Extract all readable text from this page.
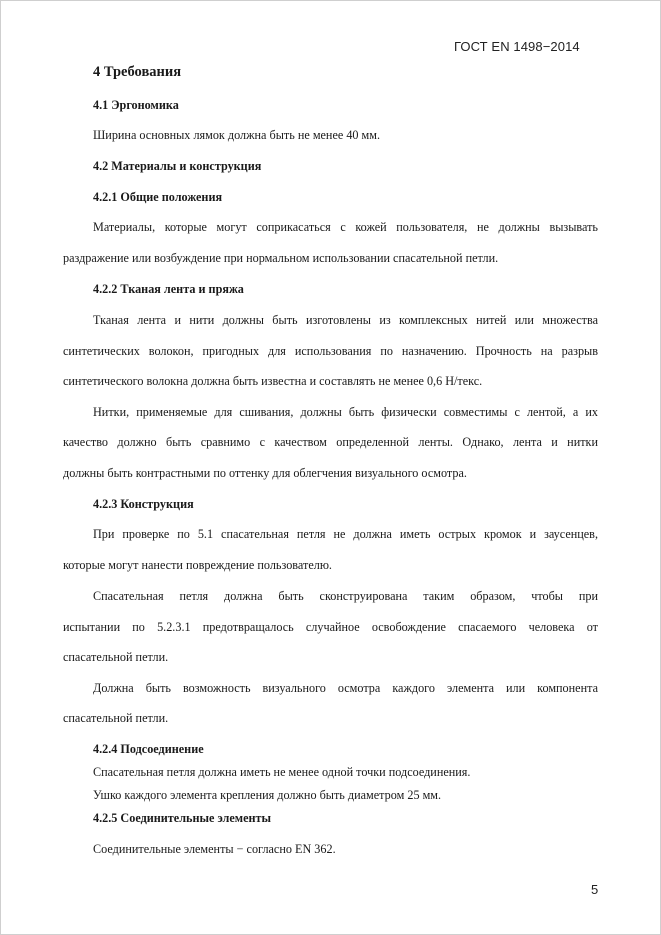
ГОСТ EN 1498−2014
4 Требования
4.1 Эргономика
Ширина основных лямок должна быть не менее 40 мм.
4.2 Материалы и конструкция
4.2.1 Общие положения
Материалы, которые могут соприкасаться с кожей пользователя, не должны вызывать
раздражение или возбуждение при нормальном использовании спасательной петли.
4.2.2 Тканая лента и пряжа
Тканая лента и нити должны быть изготовлены из комплексных нитей или множества
синтетических волокон, пригодных для использования по назначению. Прочность на разрыв
синтетического волокна должна быть известна и составлять не менее 0,6 Н/текс.
Нитки, применяемые для сшивания, должны быть физически совместимы с лентой, а их
качество должно быть сравнимо с качеством определенной ленты. Однако, лента и нитки
должны быть контрастными по оттенку для облегчения визуального осмотра.
4.2.3 Конструкция
При проверке по 5.1 спасательная петля не должна иметь острых кромок и заусенцев,
которые могут нанести повреждение пользователю.
Спасательная петля должна быть сконструирована таким образом, чтобы при
испытании по 5.2.3.1 предотвращалось случайное освобождение спасаемого человека от
спасательной петли.
Должна быть возможность визуального осмотра каждого элемента или компонента
спасательной петли.
4.2.4 Подсоединение
Спасательная петля должна иметь не менее одной точки подсоединения.
Ушко каждого элемента крепления должно быть диаметром 25 мм.
4.2.5 Соединительные элементы
Соединительные элементы − согласно EN 362.
5
